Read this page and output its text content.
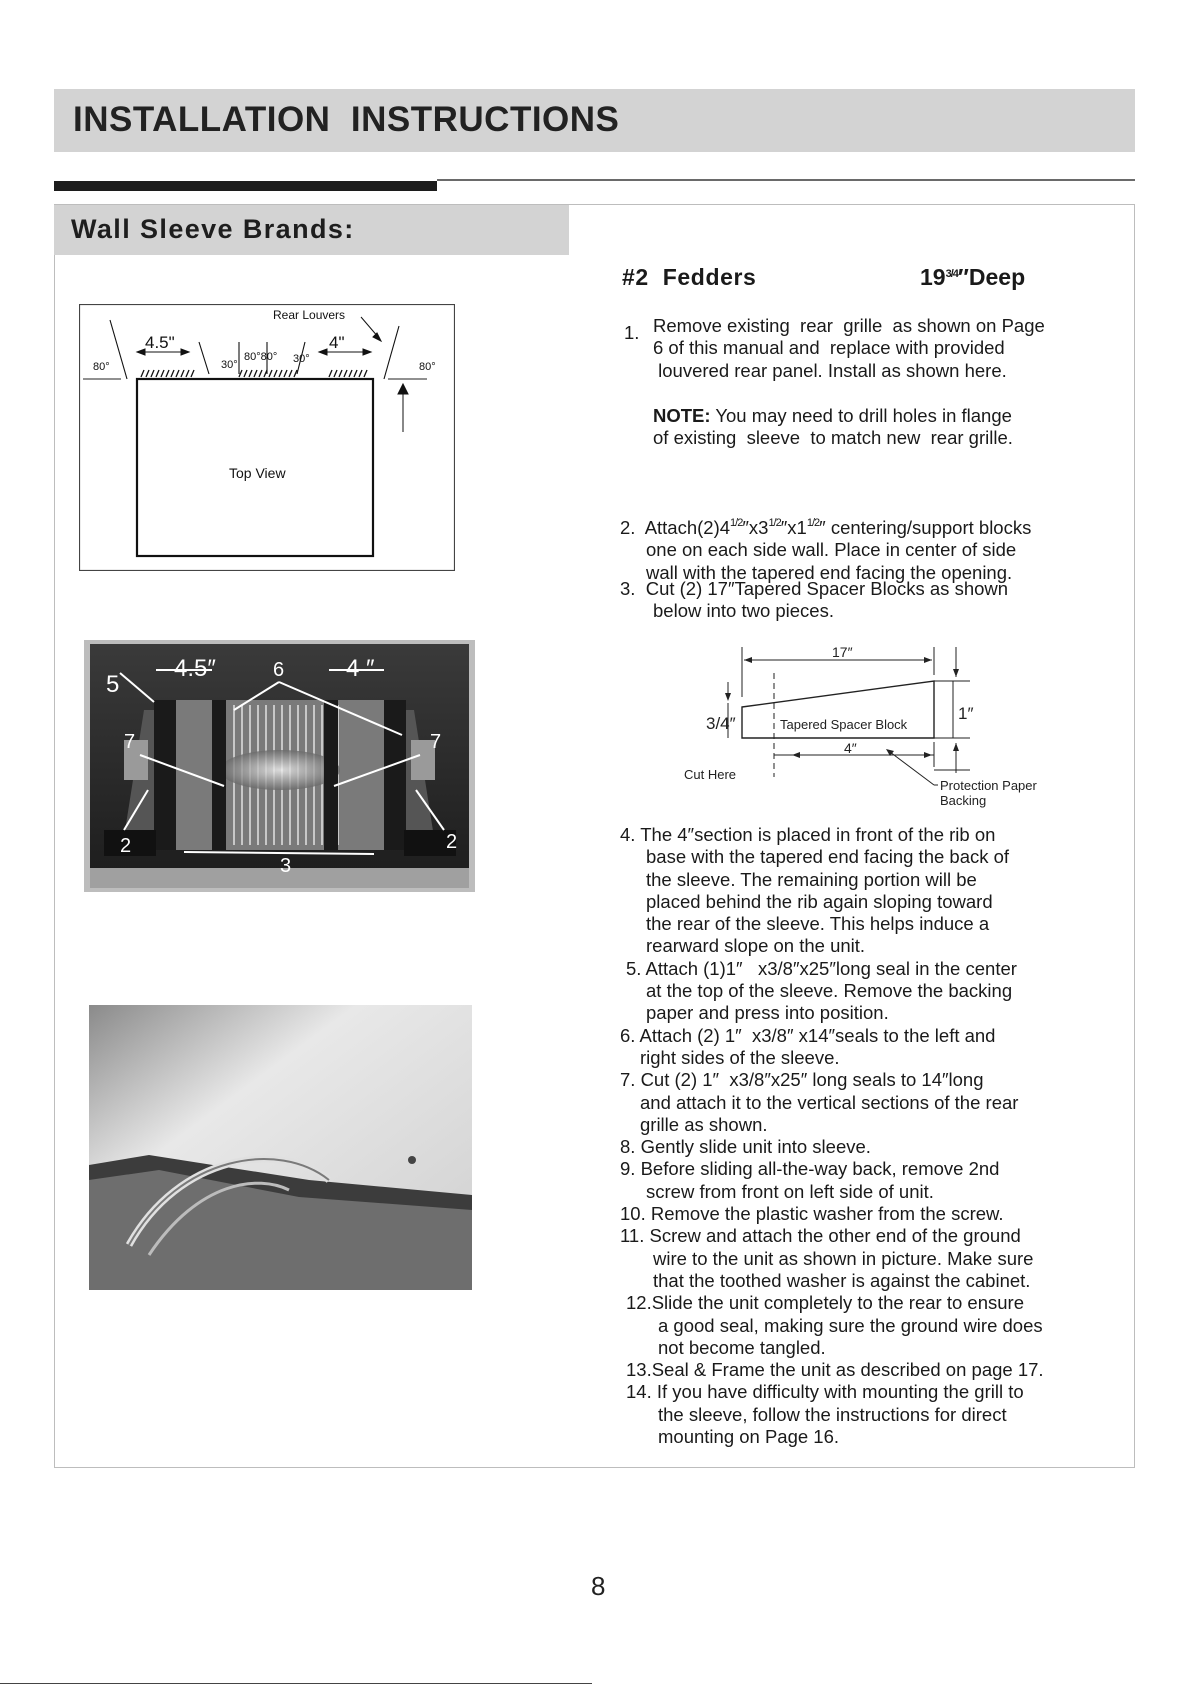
INSTALLATION  INSTRUCTIONS
Wall Sleeve Brands:
Rear Louvers
4.5"	4"
80°	80°
30°
80°80° 30°
Top View
4.5″	4 ″
5
6
7	7
2	2
3
#2  Fedders	$19^{3/4}''Deep$
1. Remove existing  rear  grille  as shown on Page
6 of this manual and  replace with provided
louvered rear panel. Install as shown here.
NOTE: You may need to drill holes in flange
of existing  sleeve  to match new  rear grille.
2.  $Attach(2)4^{1/2}''x3^{1/2}''x1^{1/2}''$ centering/support blocks
one on each side wall. Place in center of side
wall with the tapered end facing the opening.
3.  Cut (2) 17″Tapered Spacer Blocks as shown
below into two pieces.
17″
3/4″
1″
Tapered Spacer Block
4″
Cut Here
Protection Paper
Backing
4. The 4″section is placed in front of the rib on
base with the tapered end facing the back of
the sleeve. The remaining portion will be
placed behind the rib again sloping toward
the rear of the sleeve. This helps induce a
rearward slope on the unit.
5. Attach (1)1″   x3/8″x25″long seal in the center
at the top of the sleeve. Remove the backing
paper and press into position.
6. Attach (2) 1″  x3/8″ x14″seals to the left and
right sides of the sleeve.
7. Cut (2) 1″  x3/8″x25″ long seals to 14″long
and attach it to the vertical sections of the rear
grille as shown.
8. Gently slide unit into sleeve.
9. Before sliding all-the-way back, remove 2nd
screw from front on left side of unit.
10. Remove the plastic washer from the screw.
11. Screw and attach the other end of the ground
wire to the unit as shown in picture. Make sure
that the toothed washer is against the cabinet.
12.Slide the unit completely to the rear to ensure
a good seal, making sure the ground wire does
not become tangled.
13.Seal & Frame the unit as described on page 17.
14. If you have difficulty with mounting the grill to
the sleeve, follow the instructions for direct
mounting on Page 16.
8
